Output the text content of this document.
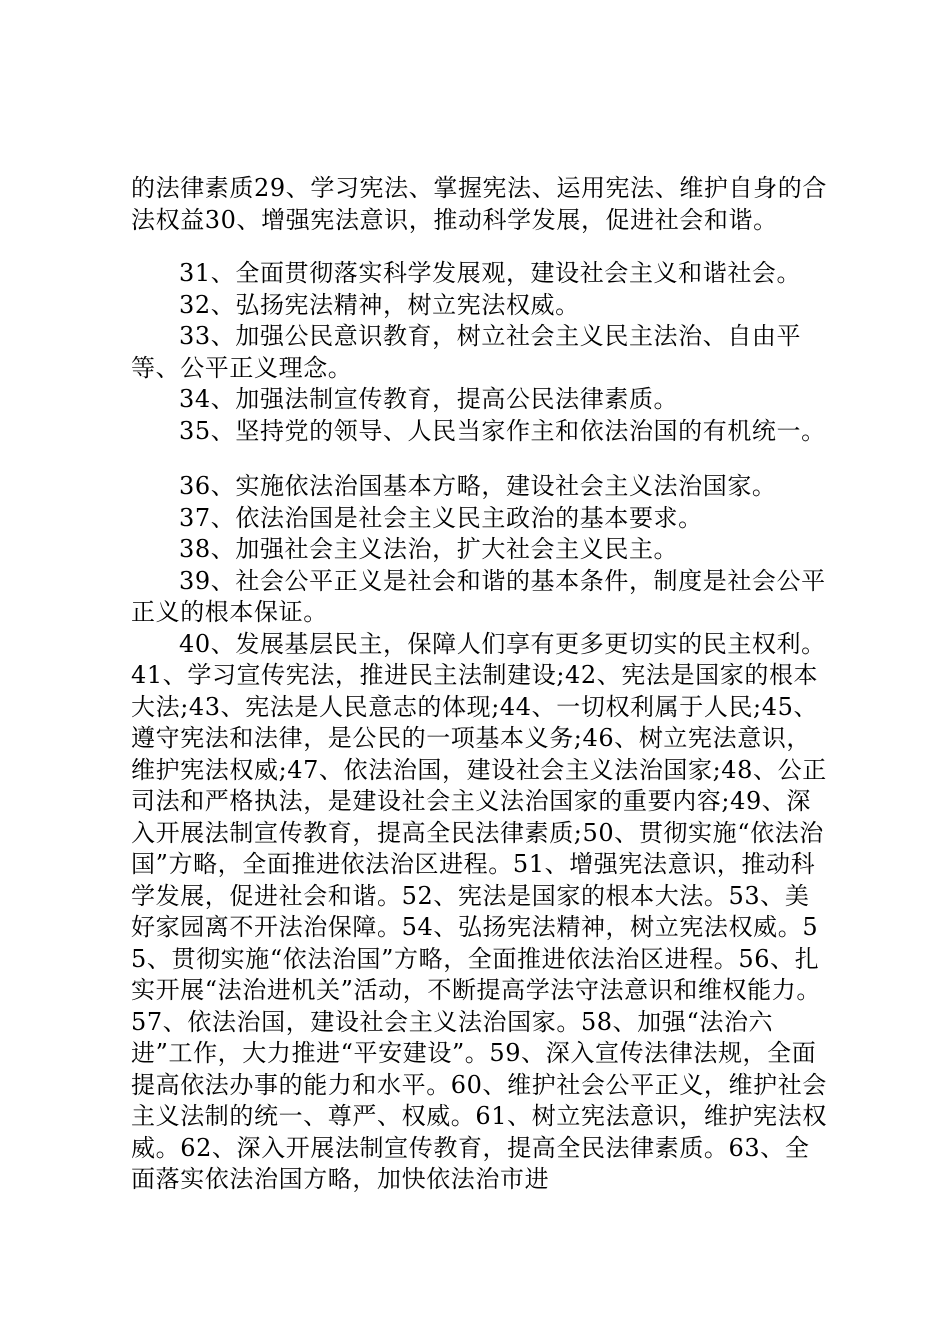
的法律素质29、学习宪法、掌握宪法、运用宪法、维护自身的合法权益30、增强宪法意识，推动科学发展，促进社会和谐。

31、全面贯彻落实科学发展观，建设社会主义和谐社会。

32、弘扬宪法精神，树立宪法权威。

33、加强公民意识教育，树立社会主义民主法治、自由平等、公平正义理念。

34、加强法制宣传教育，提高公民法律素质。

35、坚持党的领导、人民当家作主和依法治国的有机统一。

36、实施依法治国基本方略，建设社会主义法治国家。

37、依法治国是社会主义民主政治的基本要求。

38、加强社会主义法治，扩大社会主义民主。

39、社会公平正义是社会和谐的基本条件，制度是社会公平正义的根本保证。

40、发展基层民主，保障人们享有更多更切实的民主权利。

41、学习宣传宪法，推进民主法制建设;42、宪法是国家的根本大法;43、宪法是人民意志的体现;44、一切权利属于人民;45、遵守宪法和法律，是公民的一项基本义务;46、树立宪法意识，维护宪法权威;47、依法治国，建设社会主义法治国家;48、公正司法和严格执法，是建设社会主义法治国家的重要内容;49、深入开展法制宣传教育，提高全民法律素质;50、贯彻实施“依法治国”方略，全面推进依法治区进程。51、增强宪法意识，推动科学发展，促进社会和谐。52、宪法是国家的根本大法。53、美好家园离不开法治保障。54、弘扬宪法精神，树立宪法权威。55、贯彻实施“依法治国”方略，全面推进依法治区进程。56、扎实开展“法治进机关”活动，不断提高学法守法意识和维权能力。57、依法治国，建设社会主义法治国家。58、加强“法治六进”工作，大力推进“平安建设”。59、深入宣传法律法规，全面提高依法办事的能力和水平。60、维护社会公平正义，维护社会主义法制的统一、尊严、权威。61、树立宪法意识，维护宪法权威。62、深入开展法制宣传教育，提高全民法律素质。63、全面落实依法治国方略，加快依法治市进
